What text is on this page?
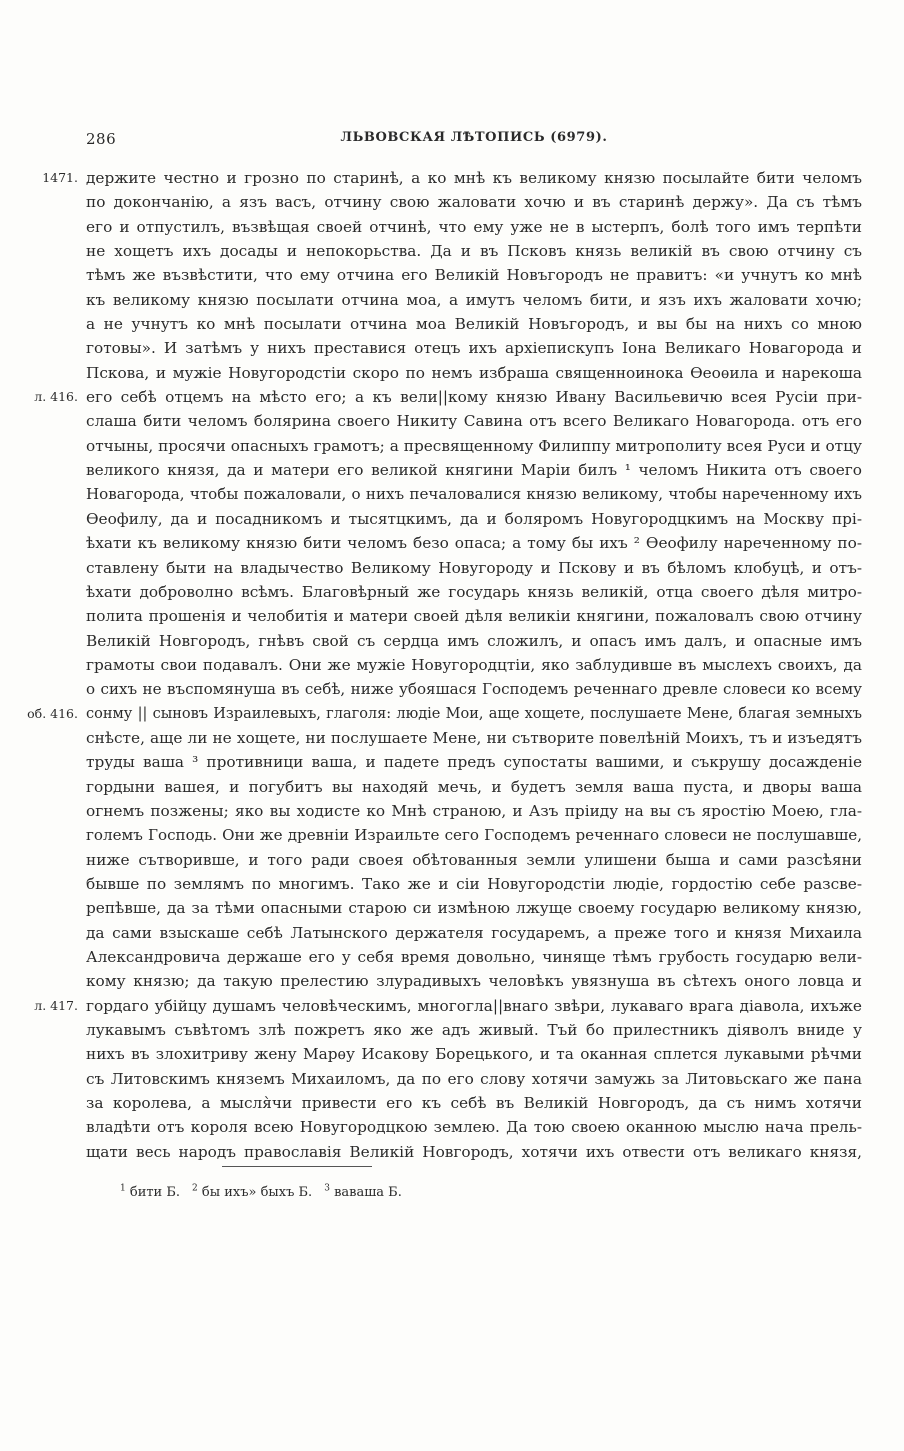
286	ЛЬВОВСКАЯ ЛѢТОПИСЬ (6979).
1471.
л. 416.
об. 416.
л. 417.
держите честно и грозно по старинѣ, а ко мнѣ къ великому князю посылайте бити челомъ
по докончанію, а язъ васъ, отчину свою жаловати хочю и въ старинѣ держу». Да съ тѣмъ
его и отпустилъ, възвѣщая своей отчинѣ, что ему уже не в ыстерпъ, болѣ того имъ терпѣти
не хощетъ ихъ досады и непокорьства. Да и въ Псковъ князь великій въ свою отчину съ
тѣмъ же възвѣстити, что ему отчина его Великій Новъгородъ не правитъ: «и учнутъ ко мнѣ
къ великому князю посылати отчина моа, а имутъ челомъ бити, и язъ ихъ жаловати хочю;
а не учнутъ ко мнѣ посылати отчина моа Великій Новъгородъ, и вы бы на нихъ со мною
готовы». И затѣмъ у нихъ преставися отецъ ихъ архіепискупъ Іона Великаго Новагорода и
Пскова, и мужіе Новугородстіи скоро по немъ избраша священноинока Ѳеоѳила и нарекоша
его себѣ отцемъ на мѣсто его; а къ вели||кому князю Ивану Васильевичю всея Русіи при-
слаша бити челомъ болярина своего Никиту Савина отъ всего Великаго Новагорода. отъ его
отчыны, просячи опасныхъ грамотъ; а пресвященному Филиппу митрополиту всея Руси и отцу
великого князя, да и матери его великой княгини Маріи билъ ¹ челомъ Никита отъ своего
Новагорода, чтобы пожаловали, о нихъ печаловалися князю великому, чтобы нареченному ихъ
Ѳеофилу, да и посадникомъ и тысятцкимъ, да и боляромъ Новугородцкимъ на Москву прі-
ѣхати къ великому князю бити челомъ безо опаса; а тому бы ихъ ² Ѳеофилу нареченному по-
ставлену быти на владычество Великому Новугороду и Пскову и въ бѣломъ клобуцѣ, и отъ-
ѣхати доброволно всѣмъ. Благовѣрный же государь князь великій, отца своего дѣля митро-
полита прошенія и челобитія и матери своей дѣля великіи княгини, пожаловалъ свою отчину
Великій Новгородъ, гнѣвъ свой съ сердца имъ сложилъ, и опасъ имъ далъ, и опасные имъ
грамоты свои подавалъ. Они же мужіе Новугородцтіи, яко заблудивше въ мыслехъ своихъ, да
о сихъ не въспомянуша въ себѣ, ниже убояшася Господемъ реченнаго древле словеси ко всему
сонму || сыновъ Израилевыхъ, глаголя: людіе Мои, аще хощете, послушаете Мене, благая земныхъ
снѣсте, аще ли не хощете, ни послушаете Мене, ни сътворите повелѣній Моихъ, тъ и изъедятъ
труды ваша ³ противници ваша, и падете предъ супостаты вашими, и съкрушу досажденіе
гордыни вашея, и погубитъ вы находяй мечь, и будетъ земля ваша пуста, и дворы ваша
огнемъ позжены; яко вы ходисте ко Мнѣ страною, и Азъ пріиду на вы съ яростію Моею, гла-
големъ Господь. Они же древніи Израильте сего Господемъ реченнаго словеси не послушавше,
ниже сътворивше, и того ради своея обѣтованныя земли улишени быша и сами разсѣяни
бывше по землямъ по многимъ. Тако же и сіи Новугородстіи людіе, гордостію себе разсве-
репѣвше, да за тѣми опасными старою си измѣною лжуще своему государю великому князю,
да сами взыскаше себѣ Латынского держателя государемъ, а преже того и князя Михаила
Александровича держаше его у себя время довольно, чиняще тѣмъ грубость государю вели-
кому князю; да такую прелестию злурадивыхъ человѣкъ увязнуша въ сѣтехъ оного ловца и
гордаго убійцу душамъ человѣческимъ, многогла||внаго звѣри, лукаваго врага діавола, ихъже
лукавымъ съвѣтомъ злѣ пожретъ яко же адъ живый. Тъй бо прилестникъ діяволъ вниде у
нихъ въ злохитриву жену Марѳу Исакову Борецького, и та оканная сплется лукавыми рѣчми
съ Литовскимъ княземъ Михаиломъ, да по его слову хотячи замужь за Литовьскаго же пана
за королева, а мысля̀чи привести его къ себѣ въ Великій Новгородъ, да съ нимъ хотячи
владѣти отъ короля всею Новугородцкою землею. Да тою своею оканною мыслю нача прель-
щати весь народъ православія Великій Новгородъ, хотячи ихъ отвести отъ великаго князя,
$^1$ бити Б. $^2$ бы ихъ» быхъ Б. $^3$ ваваша Б.
